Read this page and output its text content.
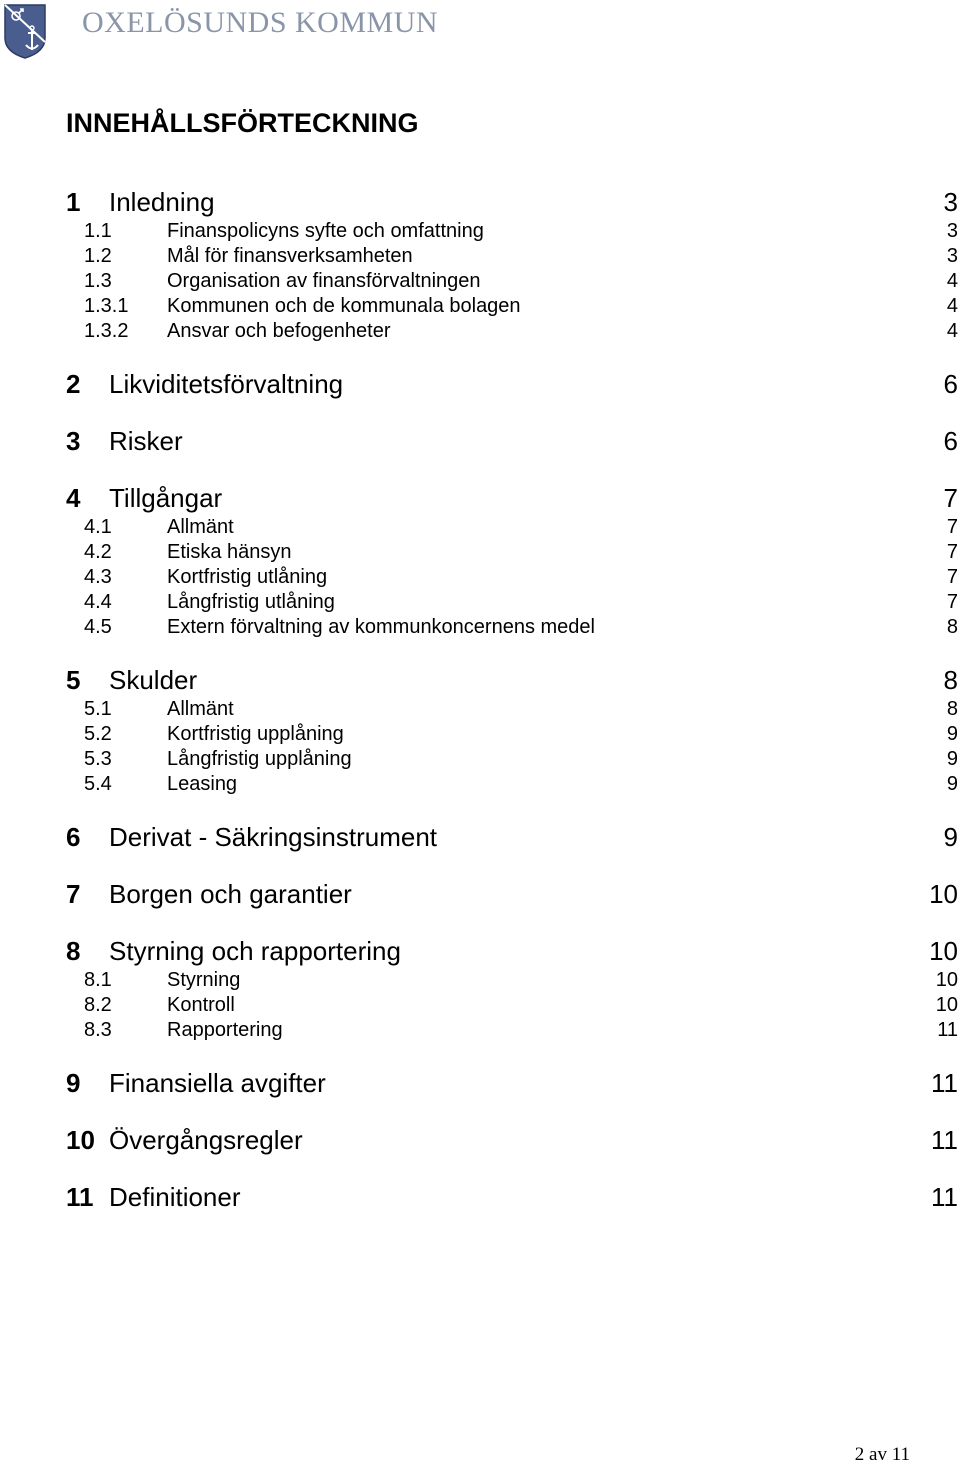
OXELÖSUNDS KOMMUN
INNEHÅLLSFÖRTECKNING
1 Inledning	3
1.1	Finanspolicyns syfte och omfattning	3
1.2	Mål för finansverksamheten	3
1.3	Organisation av finansförvaltningen	4
1.3.1 Kommunen och de kommunala bolagen	4
1.3.2 Ansvar och befogenheter	4
2 Likviditetsförvaltning	6
3 Risker	6
4 Tillgångar	7
4.1	Allmänt	7
4.2	Etiska hänsyn	7
4.3	Kortfristig utlåning	7
4.4	Långfristig utlåning	7
4.5	Extern förvaltning av kommunkoncernens medel	8
5 Skulder	8
5.1	Allmänt	8
5.2	Kortfristig upplåning	9
5.3	Långfristig upplåning	9
5.4	Leasing	9
6 Derivat - Säkringsinstrument	9
7 Borgen och garantier	10
8 Styrning och rapportering	10
8.1	Styrning	10
8.2	Kontroll	10
8.3	Rapportering	11
9 Finansiella avgifter	11
10 Övergångsregler	11
11 Definitioner	11
2 av 11
